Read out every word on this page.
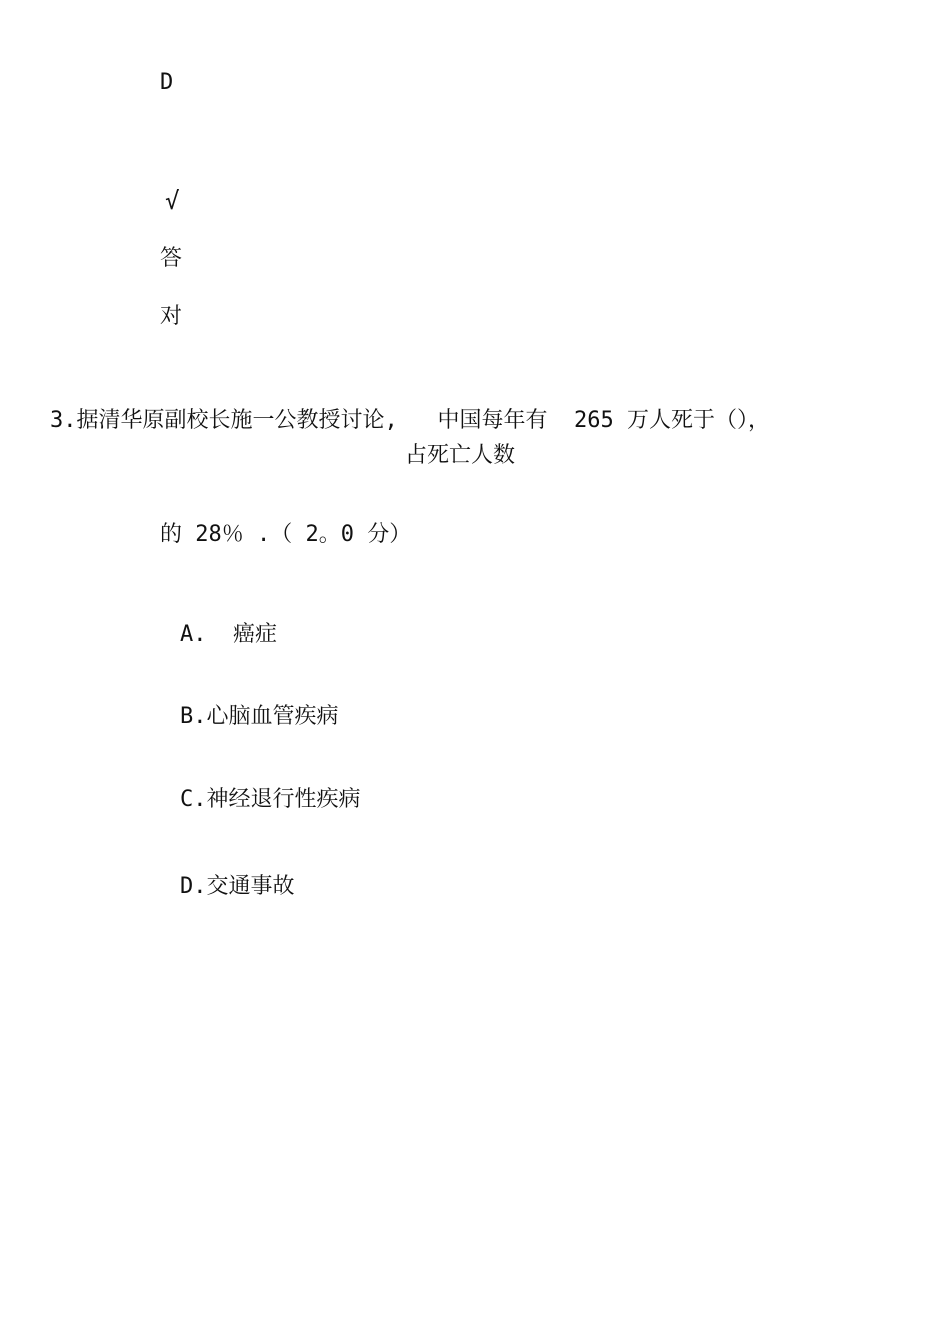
D
√
答
对
3.据清华原副校长施一公教授讨论,   中国每年有  265 万人死于（），
占死亡人数
的 28％ .（ 2。0 分）
A.  癌症
B.心脑血管疾病
C.神经退行性疾病
D.交通事故
